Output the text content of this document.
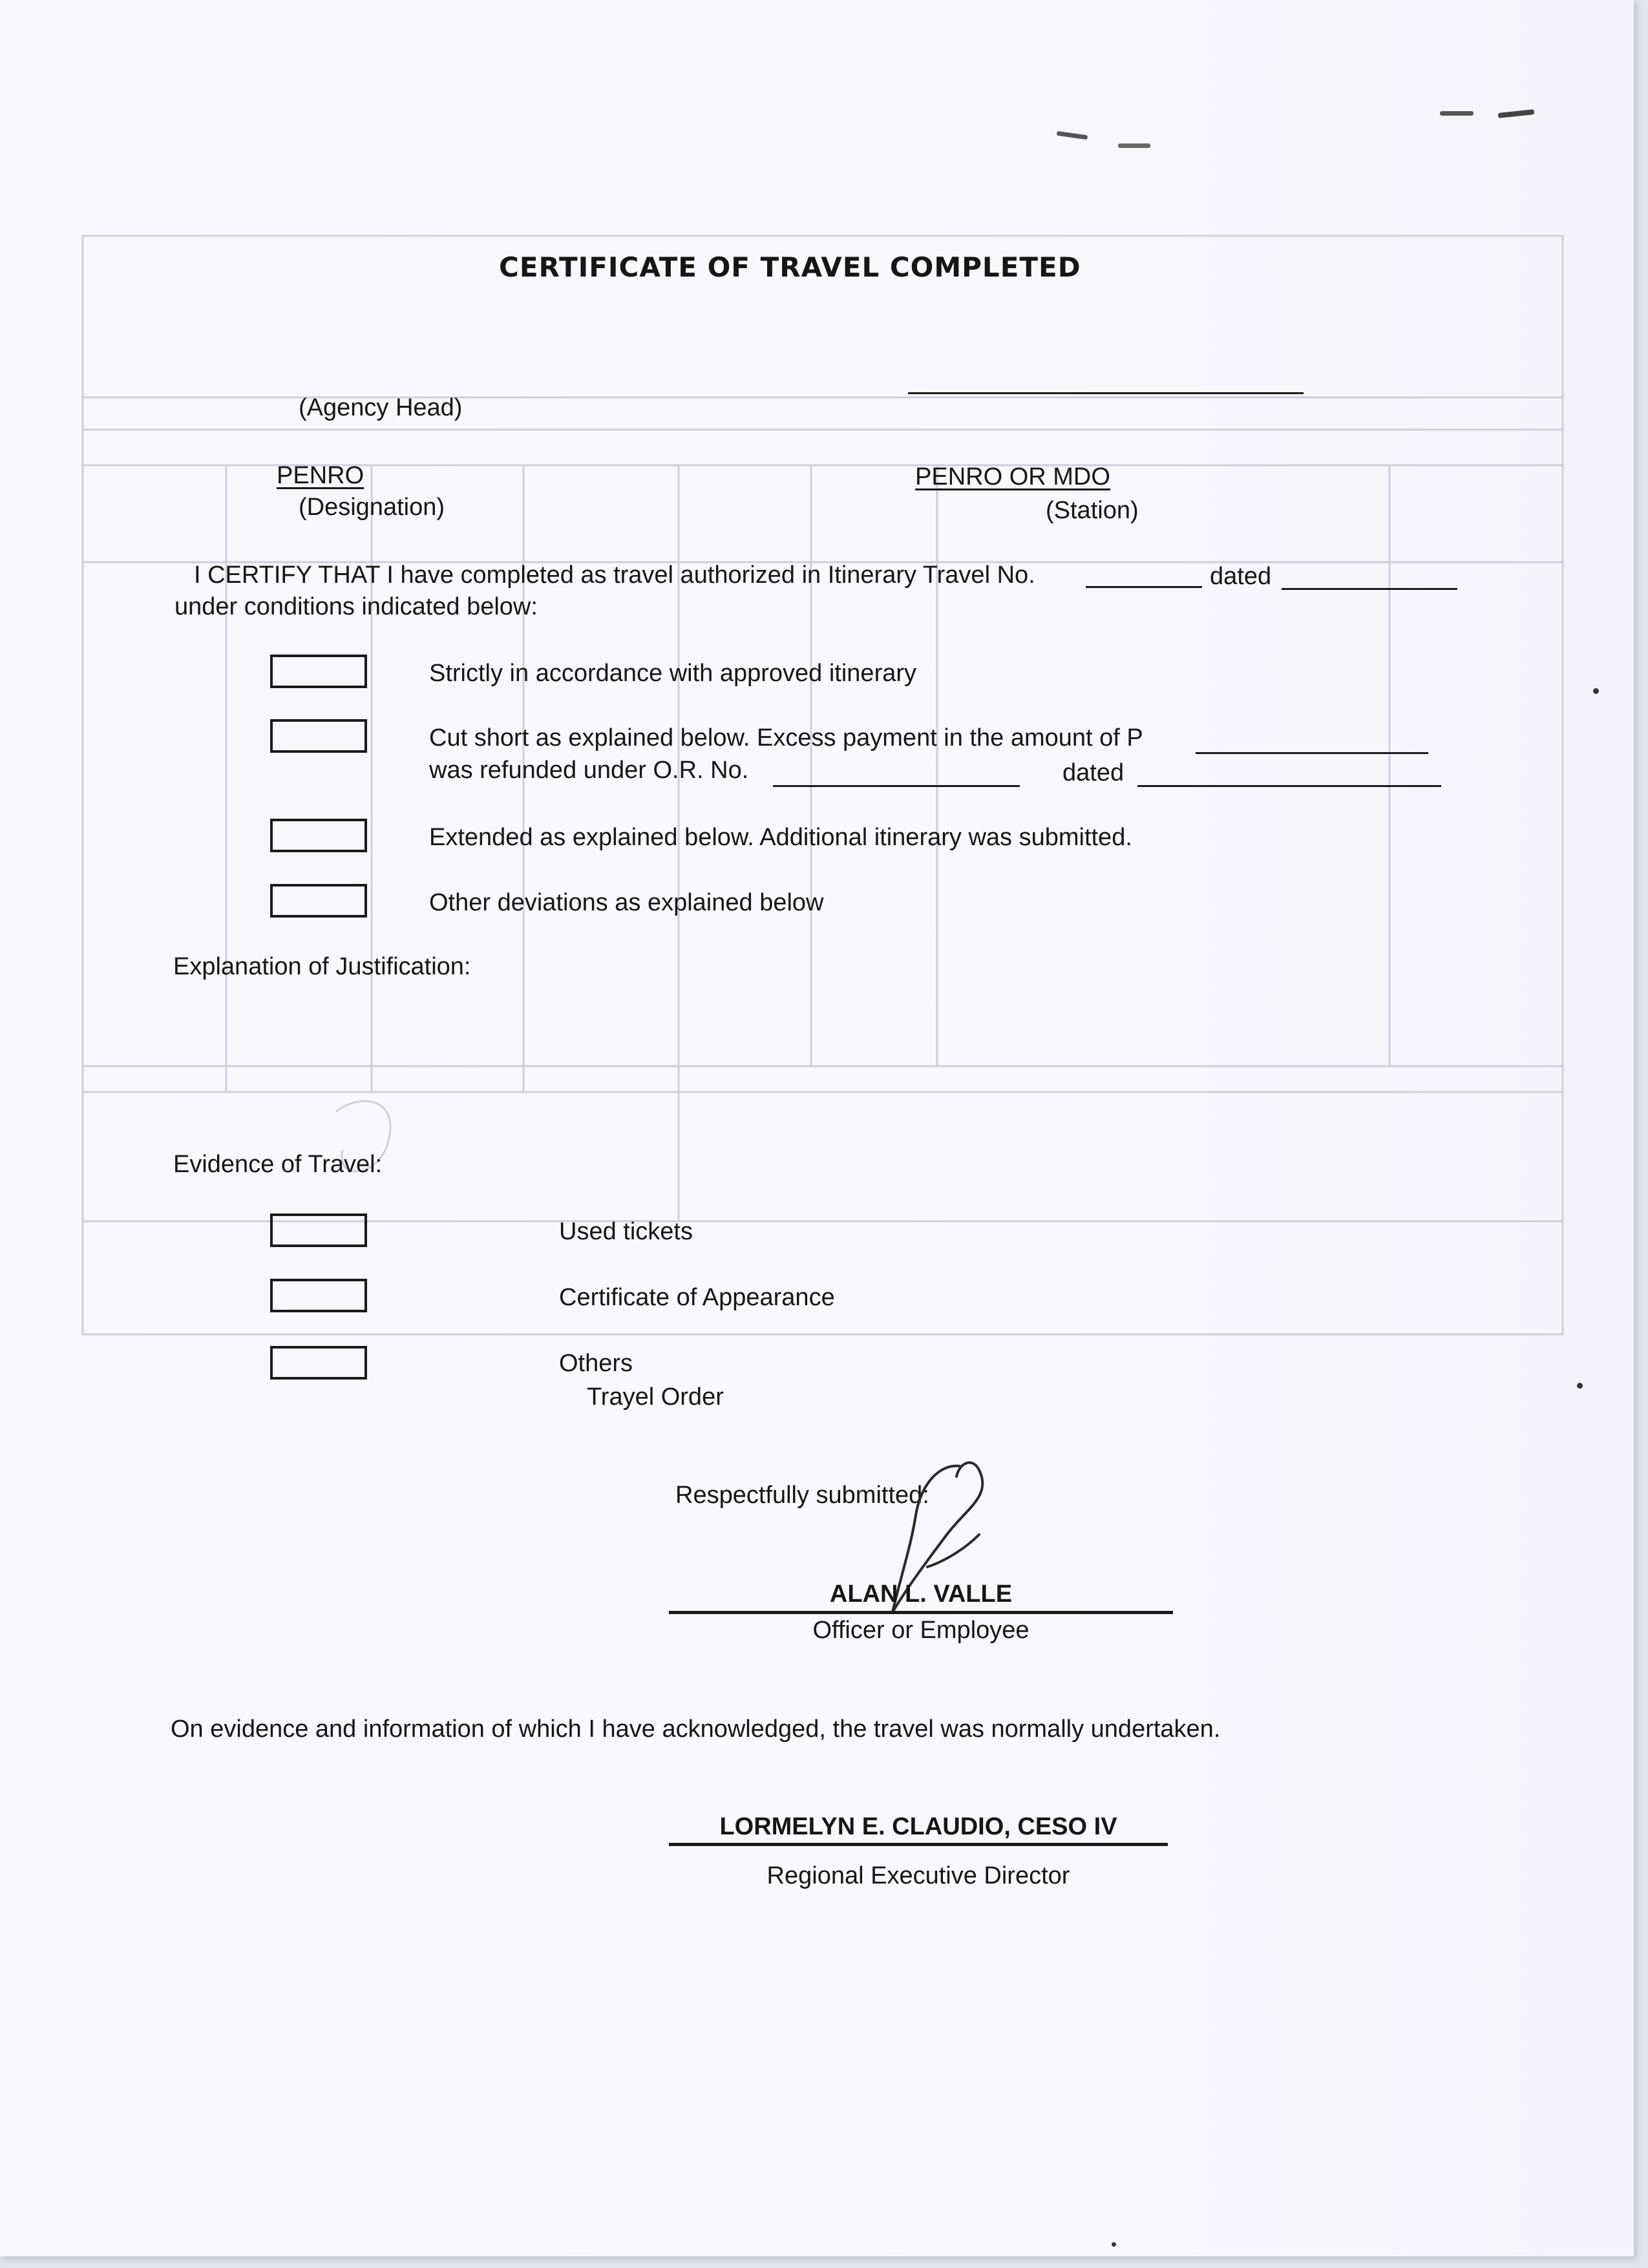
CERTIFICATE OF TRAVEL COMPLETED
(Agency Head)
PENRO
(Designation)
PENRO OR MDO
(Station)
I CERTIFY THAT I have completed as travel authorized in Itinerary Travel No.	dated
under conditions indicated below:
Strictly in accordance with approved itinerary
Cut short as explained below. Excess payment in the amount of P
was refunded under O.R. No.	dated
Extended as explained below. Additional itinerary was submitted.
Other deviations as explained below
Explanation of Justification:
Evidence of Travel:
Used tickets
Certificate of Appearance
Others
Trayel Order
Respectfully submitted:
ALAN L. VALLE
Officer or Employee
On evidence and information of which I have acknowledged, the travel was normally undertaken.
LORMELYN E. CLAUDIO, CESO IV
Regional Executive Director
